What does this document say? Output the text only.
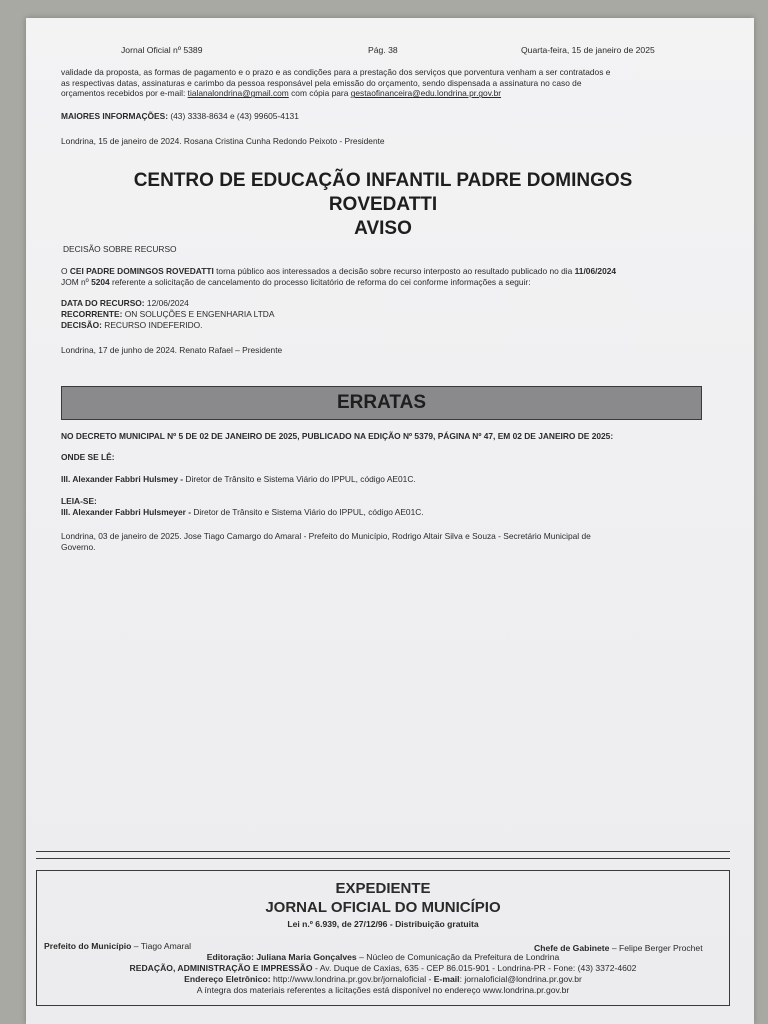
Jornal Oficial nº 5389	Pág. 38	Quarta-feira, 15 de janeiro de 2025
validade da proposta, as formas de pagamento e o prazo e as condições para a prestação dos serviços que porventura venham a ser contratados e
as respectivas datas, assinaturas e carimbo da pessoa responsável pela emissão do orçamento, sendo dispensada a assinatura no caso de
orçamentos recebidos por e-mail: tialanalondrina@gmail.com com cópia para gestaofinanceira@edu.londrina.pr.gov.br
MAIORES INFORMAÇÕES: (43) 3338-8634 e (43) 99605-4131
Londrina, 15 de janeiro de 2024. Rosana Cristina Cunha Redondo Peixoto - Presidente
CENTRO DE EDUCAÇÃO INFANTIL PADRE DOMINGOS
ROVEDATTI
AVISO
DECISÃO SOBRE RECURSO
O CEI PADRE DOMINGOS ROVEDATTI torna público aos interessados a decisão sobre recurso interposto ao resultado publicado no dia 11/06/2024
JOM nº 5204 referente a solicitação de cancelamento do processo licitatório de reforma do cei conforme informações a seguir:
DATA DO RECURSO: 12/06/2024
RECORRENTE: ON SOLUÇÕES E ENGENHARIA LTDA
DECISÃO: RECURSO INDEFERIDO.
Londrina, 17 de junho de 2024. Renato Rafael – Presidente
ERRATAS
NO DECRETO MUNICIPAL Nº 5 DE 02 DE JANEIRO DE 2025, PUBLICADO NA EDIÇÃO Nº 5379, PÁGINA Nº 47, EM 02 DE JANEIRO DE 2025:
ONDE SE LÊ:
III. Alexander Fabbri Hulsmey - Diretor de Trânsito e Sistema Viário do IPPUL, código AE01C.
LEIA-SE:
III. Alexander Fabbri Hulsmeyer - Diretor de Trânsito e Sistema Viário do IPPUL, código AE01C.
Londrina, 03 de janeiro de 2025. Jose Tiago Camargo do Amaral - Prefeito do Município, Rodrigo Altair Silva e Souza - Secretário Municipal de
Governo.
EXPEDIENTE
JORNAL OFICIAL DO MUNICÍPIO
Lei n.º 6.939, de 27/12/96 - Distribuição gratuita
Prefeito do Município – Tiago Amaral	Chefe de Gabinete – Felipe Berger Prochet
Editoração: Juliana Maria Gonçalves – Núcleo de Comunicação da Prefeitura de Londrina
REDAÇÃO, ADMINISTRAÇÃO E IMPRESSÃO - Av. Duque de Caxias, 635 - CEP 86.015-901 - Londrina-PR - Fone: (43) 3372-4602
Endereço Eletrônico: http://www.londrina.pr.gov.br/jornaloficial - E-mail: jornaloficial@londrina.pr.gov.br
A íntegra dos materiais referentes a licitações está disponível no endereço www.londrina.pr.gov.br
